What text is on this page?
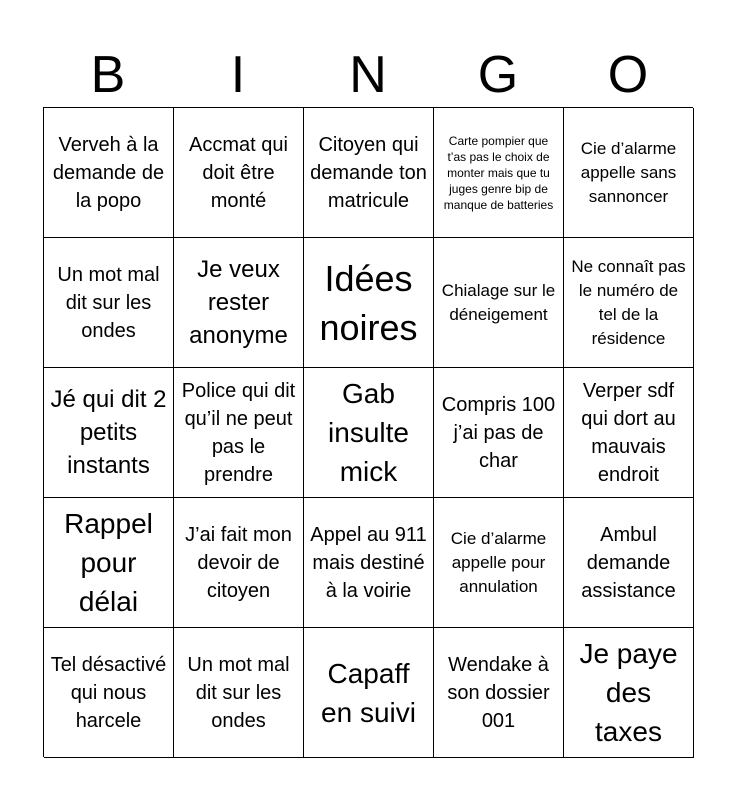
B	I	N	G	O
Verveh à la demande de la popo
Accmat qui doit être monté
Citoyen qui demande ton matricule
Carte pompier que t’as pas le choix de monter mais que tu juges genre bip de manque de batteries
Cie d’alarme appelle sans sannoncer
Un mot mal dit sur les ondes
Je veux rester anonyme
Idées noires
Chialage sur le déneigement
Ne connaît pas le numéro de tel de la résidence
Jé qui dit 2 petits instants
Police qui dit qu’il ne peut pas le prendre
Gab insulte mick
Compris 100 j’ai pas de char
Verper sdf qui dort au mauvais endroit
Rappel pour délai
J’ai fait mon devoir de citoyen
Appel au 911 mais destiné à la voirie
Cie d’alarme appelle pour annulation
Ambul demande assistance
Tel désactivé qui nous harcele
Un mot mal dit sur les ondes
Capaff en suivi
Wendake à son dossier 001
Je paye des taxes
